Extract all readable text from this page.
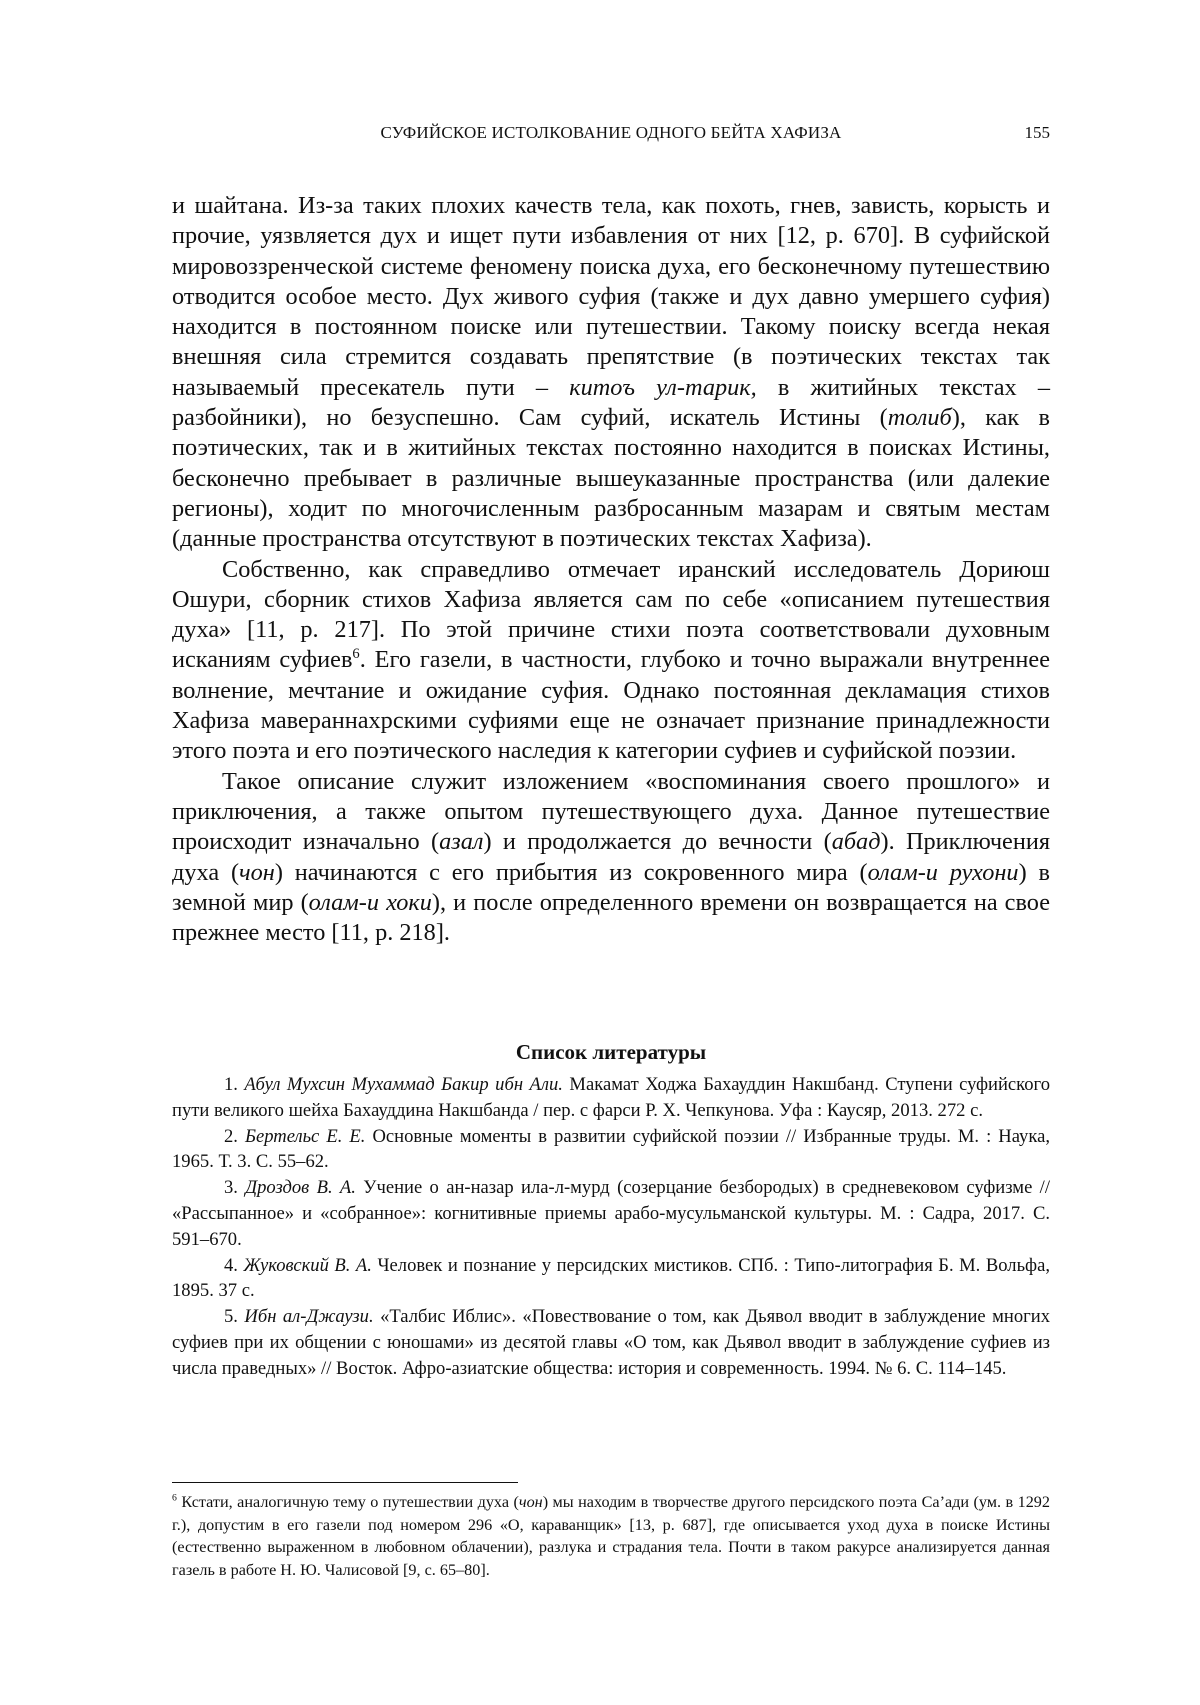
СУФИЙСКОЕ ИСТОЛКОВАНИЕ ОДНОГО БЕЙТА ХАФИЗА	155

и шайтана. Из-за таких плохих качеств тела, как похоть, гнев, зависть, корысть и прочие, уязвляется дух и ищет пути избавления от них [12, р. 670]. В суфийской мировоззренческой системе феномену поиска духа, его бесконечному путешествию отводится особое место. Дух живого суфия (также и дух давно умершего суфия) находится в постоянном поиске или путешествии. Такому поиску всегда некая внешняя сила стремится создавать препятствие (в поэтических текстах так называемый пресекатель пути – китоъ ул-тарик, в житийных текстах – разбойники), но безуспешно. Сам суфий, искатель Истины (толиб), как в поэтических, так и в житийных текстах постоянно находится в поисках Истины, бесконечно пребывает в различные вышеуказанные пространства (или далекие регионы), ходит по многочисленным разбросанным мазарам и святым местам (данные пространства отсутствуют в поэтических текстах Хафиза).

Собственно, как справедливо отмечает иранский исследователь Дориюш Ошури, сборник стихов Хафиза является сам по себе «описанием путешествия духа» [11, р. 217]. По этой причине стихи поэта соответствовали духовным исканиям суфиев$^6$. Его газели, в частности, глубоко и точно выражали внутреннее волнение, мечтание и ожидание суфия. Однако постоянная декламация стихов Хафиза мавераннахрскими суфиями еще не означает признание принадлежности этого поэта и его поэтического наследия к категории суфиев и суфийской поэзии.

Такое описание служит изложением «воспоминания своего прошлого» и приключения, а также опытом путешествующего духа. Данное путешествие происходит изначально (азал) и продолжается до вечности (абад). Приключения духа (чон) начинаются с его прибытия из сокровенного мира (олам-и рухони) в земной мир (олам-и хоки), и после определенного времени он возвращается на свое прежнее место [11, р. 218].

Список литературы
1. Абул Мухсин Мухаммад Бакир ибн Али. Макамат Ходжа Бахауддин Накшбанд. Ступени суфийского пути великого шейха Бахауддина Накшбанда / пер. с фарси Р. Х. Чепкунова. Уфа : Каусяр, 2013. 272 с.
2. Бертельс Е. Е. Основные моменты в развитии суфийской поэзии // Избранные труды. М. : Наука, 1965. Т. 3. С. 55–62.
3. Дроздов В. А. Учение о ан-назар ила-л-мурд (созерцание безбородых) в средневековом суфизме // «Рассыпанное» и «собранное»: когнитивные приемы арабо-мусульманской культуры. М. : Садра, 2017. С. 591–670.
4. Жуковский В. А. Человек и познание у персидских мистиков. СПб. : Типо-литография Б. М. Вольфа, 1895. 37 с.
5. Ибн ал-Джаузи. «Талбис Иблис». «Повествование о том, как Дьявол вводит в заблуждение многих суфиев при их общении с юношами» из десятой главы «О том, как Дьявол вводит в заблуждение суфиев из числа праведных» // Восток. Афро-азиатские общества: история и современность. 1994. № 6. С. 114–145.

$^6$ Кстати, аналогичную тему о путешествии духа (чон) мы находим в творчестве другого персидского поэта Са’ади (ум. в 1292 г.), допустим в его газели под номером 296 «О, караванщик» [13, р. 687], где описывается уход духа в поиске Истины (естественно выраженном в любовном облачении), разлука и страдания тела. Почти в таком ракурсе анализируется данная газель в работе Н. Ю. Чалисовой [9, с. 65–80].
